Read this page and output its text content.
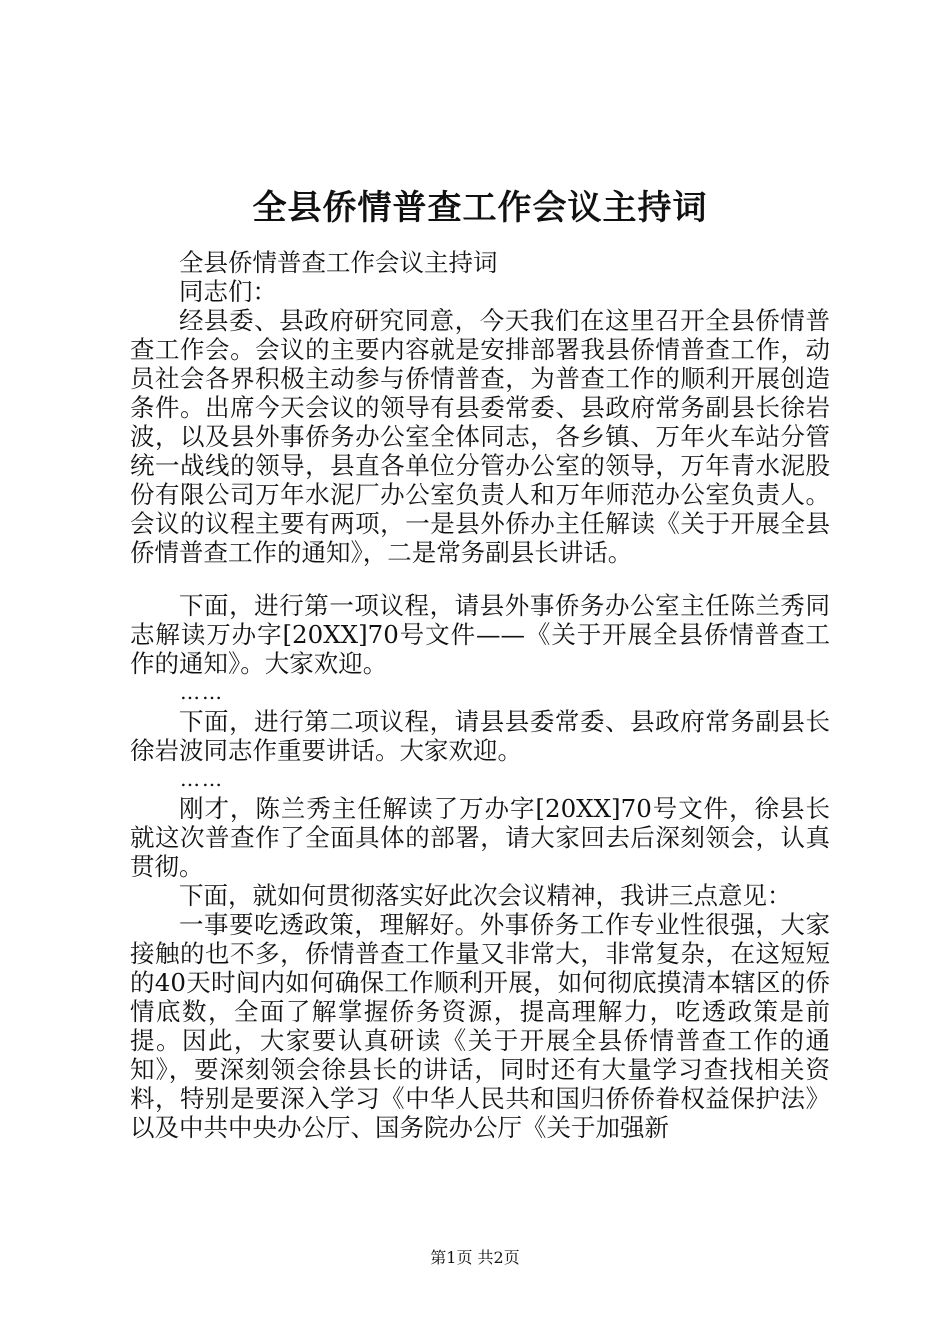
全县侨情普查工作会议主持词

全县侨情普查工作会议主持词

同志们：

经县委、县政府研究同意，今天我们在这里召开全县侨情普查工作会。会议的主要内容就是安排部署我县侨情普查工作，动员社会各界积极主动参与侨情普查，为普查工作的顺利开展创造条件。出席今天会议的领导有县委常委、县政府常务副县长徐岩波，以及县外事侨务办公室全体同志，各乡镇、万年火车站分管统一战线的领导，县直各单位分管办公室的领导，万年青水泥股份有限公司万年水泥厂办公室负责人和万年师范办公室负责人。会议的议程主要有两项，一是县外侨办主任解读《关于开展全县侨情普查工作的通知》，二是常务副县长讲话。

下面，进行第一项议程，请县外事侨务办公室主任陈兰秀同志解读万办字[20XX]70号文件——《关于开展全县侨情普查工作的通知》。大家欢迎。

……

下面，进行第二项议程，请县县委常委、县政府常务副县长徐岩波同志作重要讲话。大家欢迎。

……

刚才，陈兰秀主任解读了万办字[20XX]70号文件，徐县长就这次普查作了全面具体的部署，请大家回去后深刻领会，认真贯彻。

下面，就如何贯彻落实好此次会议精神，我讲三点意见：

一事要吃透政策，理解好。外事侨务工作专业性很强，大家接触的也不多，侨情普查工作量又非常大，非常复杂，在这短短的40天时间内如何确保工作顺利开展，如何彻底摸清本辖区的侨情底数，全面了解掌握侨务资源，提高理解力，吃透政策是前提。因此，大家要认真研读《关于开展全县侨情普查工作的通知》，要深刻领会徐县长的讲话，同时还有大量学习查找相关资料，特别是要深入学习《中华人民共和国归侨侨眷权益保护法》以及中共中央办公厅、国务院办公厅《关于加强新

第1页 共2页
